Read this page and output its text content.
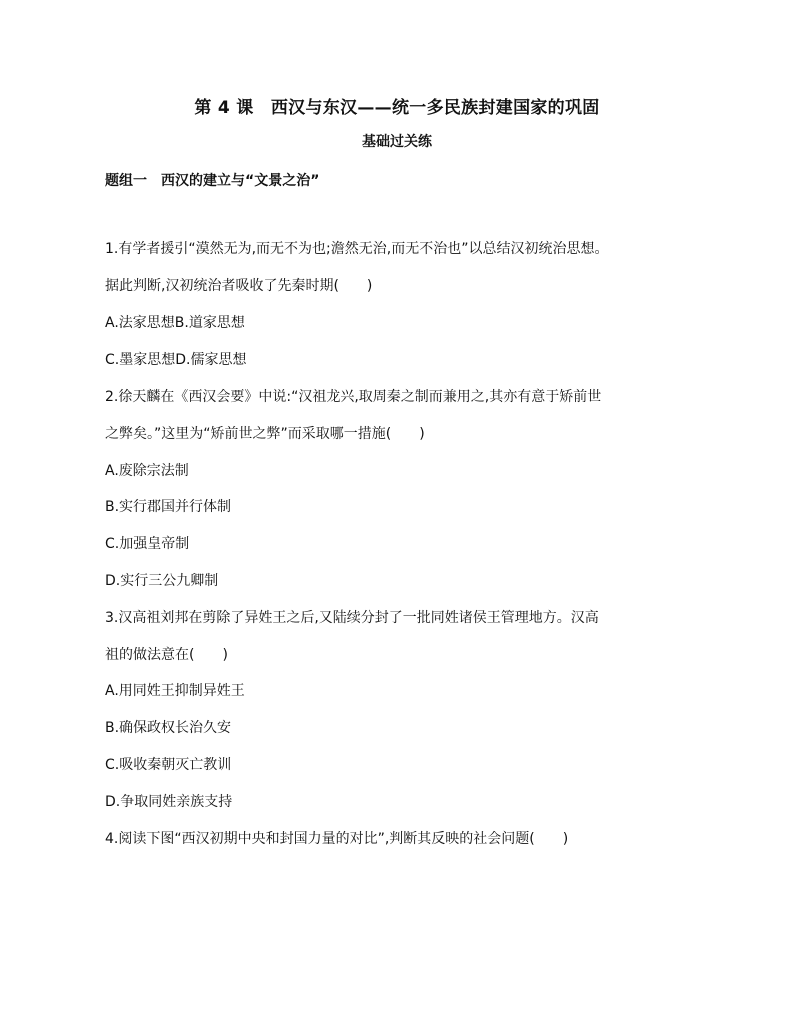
第 4 课　西汉与东汉——统一多民族封建国家的巩固
基础过关练
题组一　西汉的建立与“文景之治”
1.有学者援引“漠然无为,而无不为也;澹然无治,而无不治也”以总结汉初统治思想。
据此判断,汉初统治者吸收了先秦时期(　　)
A.法家思想B.道家思想
C.墨家思想D.儒家思想
2.徐天麟在《西汉会要》中说:“汉祖龙兴,取周秦之制而兼用之,其亦有意于矫前世
之弊矣。”这里为“矫前世之弊”而采取哪一措施(　　)
A.废除宗法制
B.实行郡国并行体制
C.加强皇帝制
D.实行三公九卿制
3.汉高祖刘邦在剪除了异姓王之后,又陆续分封了一批同姓诸侯王管理地方。汉高
祖的做法意在(　　)
A.用同姓王抑制异姓王
B.确保政权长治久安
C.吸收秦朝灭亡教训
D.争取同姓亲族支持
4.阅读下图“西汉初期中央和封国力量的对比”,判断其反映的社会问题(　　)
